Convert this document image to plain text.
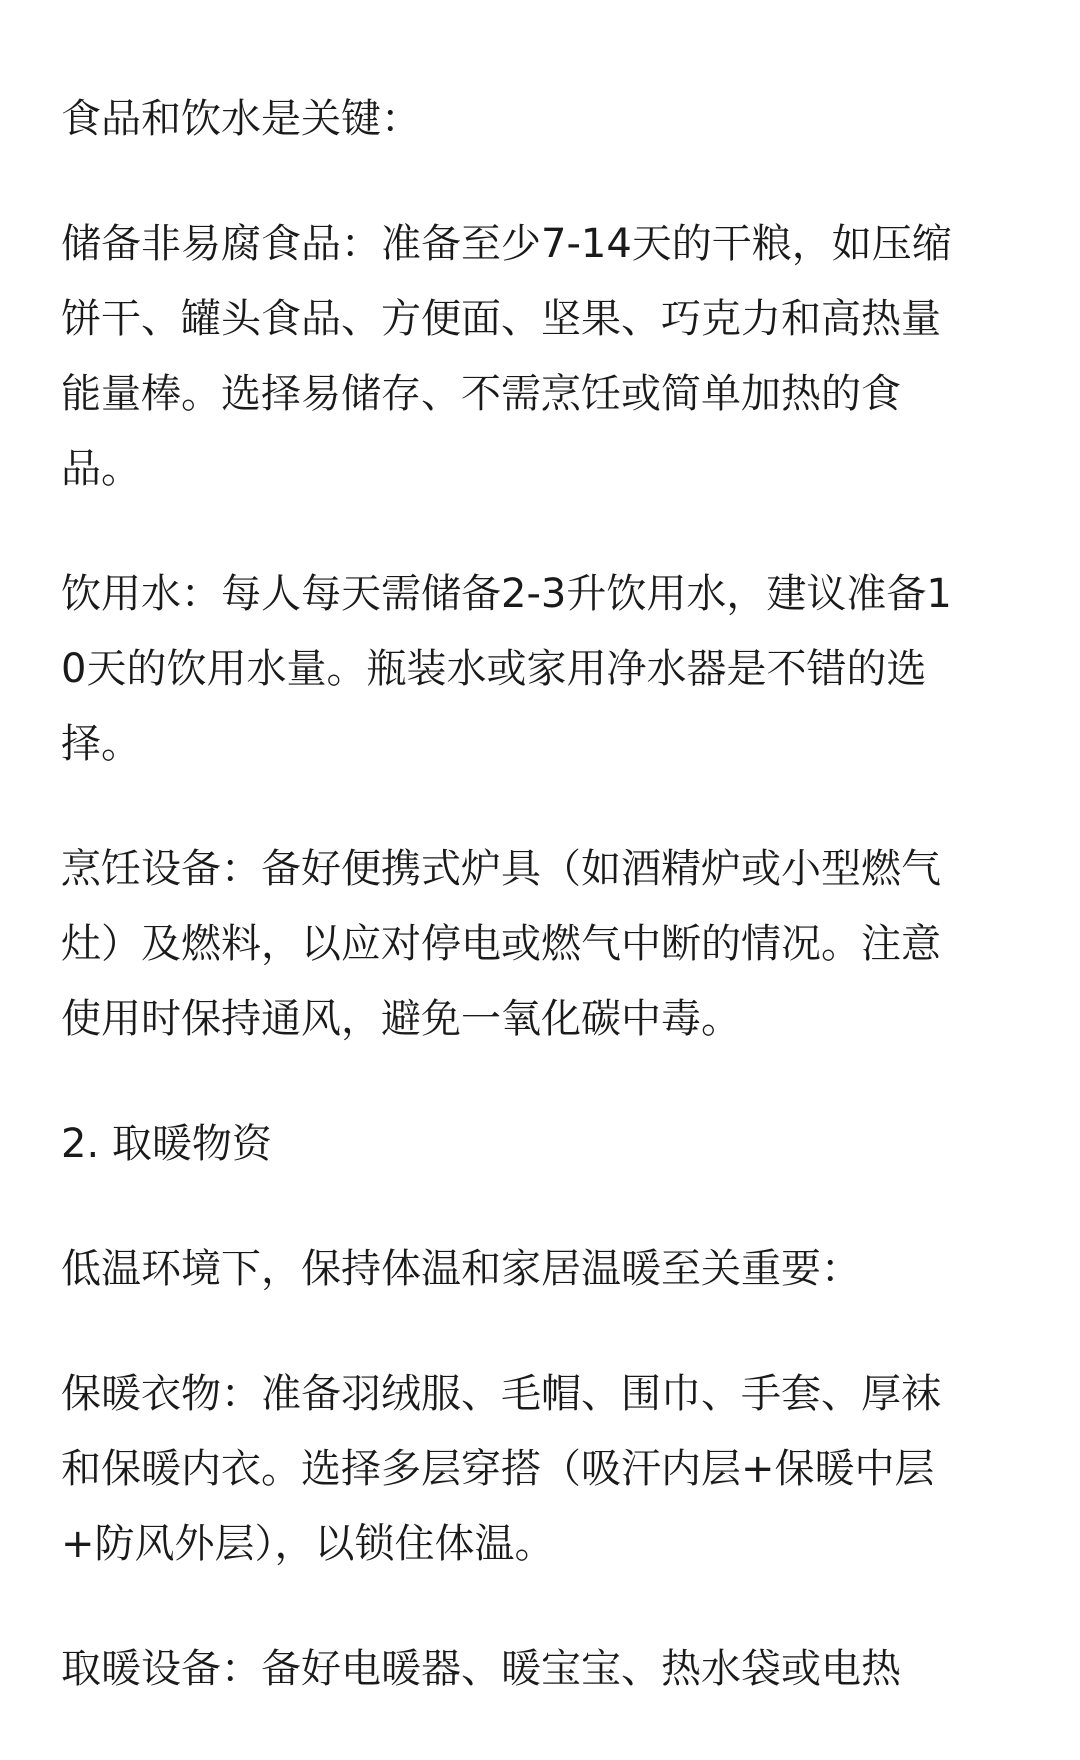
食品和饮水是关键：

储备非易腐食品：准备至少7-14天的干粮，如压缩
饼干、罐头食品、方便面、坚果、巧克力和高热量
能量棒。选择易储存、不需烹饪或简单加热的食
品。

饮用水：每人每天需储备2-3升饮用水，建议准备1
0天的饮用水量。瓶装水或家用净水器是不错的选
择。

烹饪设备：备好便携式炉具（如酒精炉或小型燃气
灶）及燃料，以应对停电或燃气中断的情况。注意
使用时保持通风，避免一氧化碳中毒。

2. 取暖物资

低温环境下，保持体温和家居温暖至关重要：

保暖衣物：准备羽绒服、毛帽、围巾、手套、厚袜
和保暖内衣。选择多层穿搭（吸汗内层+保暖中层
+防风外层），以锁住体温。

取暖设备：备好电暖器、暖宝宝、热水袋或电热
